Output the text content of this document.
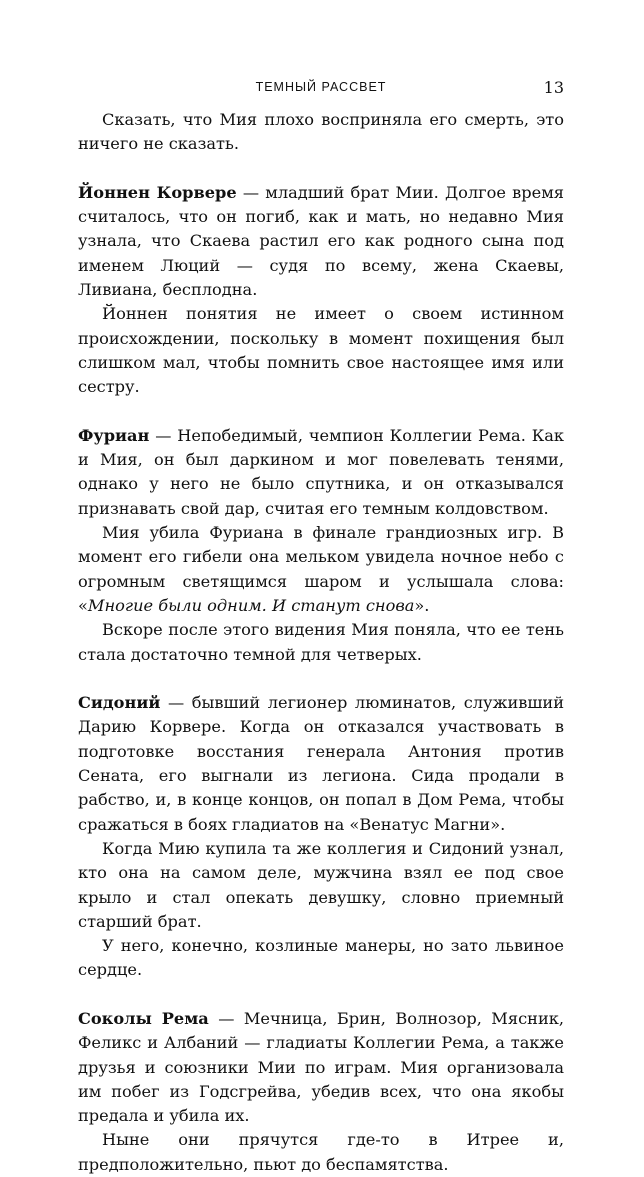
ТЕМНЫЙ РАССВЕТ	13

Сказать, что Мия плохо восприняла его смерть, это ничего не сказать.

Йоннен Корвере — младший брат Мии. Долгое время считалось, что он погиб, как и мать, но недавно Мия узнала, что Скаева растил его как родного сына под именем Люций — судя по всему, жена Скаевы, Ливиана, бесплодна.

Йоннен понятия не имеет о своем истинном происхождении, поскольку в момент похищения был слишком мал, чтобы помнить свое настоящее имя или сестру.

Фуриан — Непобедимый, чемпион Коллегии Рема. Как и Мия, он был даркином и мог повелевать тенями, однако у него не было спутника, и он отказывался признавать свой дар, считая его темным колдовством.

Мия убила Фуриана в финале грандиозных игр. В момент его гибели она мельком увидела ночное небо с огромным светящимся шаром и услышала слова: «Многие были одним. И станут снова».

Вскоре после этого видения Мия поняла, что ее тень стала достаточно темной для четверых.

Сидоний — бывший легионер люминатов, служивший Дарию Корвере. Когда он отказался участвовать в подготовке восстания генерала Антония против Сената, его выгнали из легиона. Сида продали в рабство, и, в конце концов, он попал в Дом Рема, чтобы сражаться в боях гладиатов на «Венатус Магни».

Когда Мию купила та же коллегия и Сидоний узнал, кто она на самом деле, мужчина взял ее под свое крыло и стал опекать девушку, словно приемный старший брат.

У него, конечно, козлиные манеры, но зато львиное сердце.

Соколы Рема — Мечница, Брин, Волнозор, Мясник, Феликс и Албаний — гладиаты Коллегии Рема, а также друзья и союзники Мии по играм. Мия организовала им побег из Годсгрейва, убедив всех, что она якобы предала и убила их.

Ныне они прячутся где-то в Итрее и, предположительно, пьют до беспамятства.
